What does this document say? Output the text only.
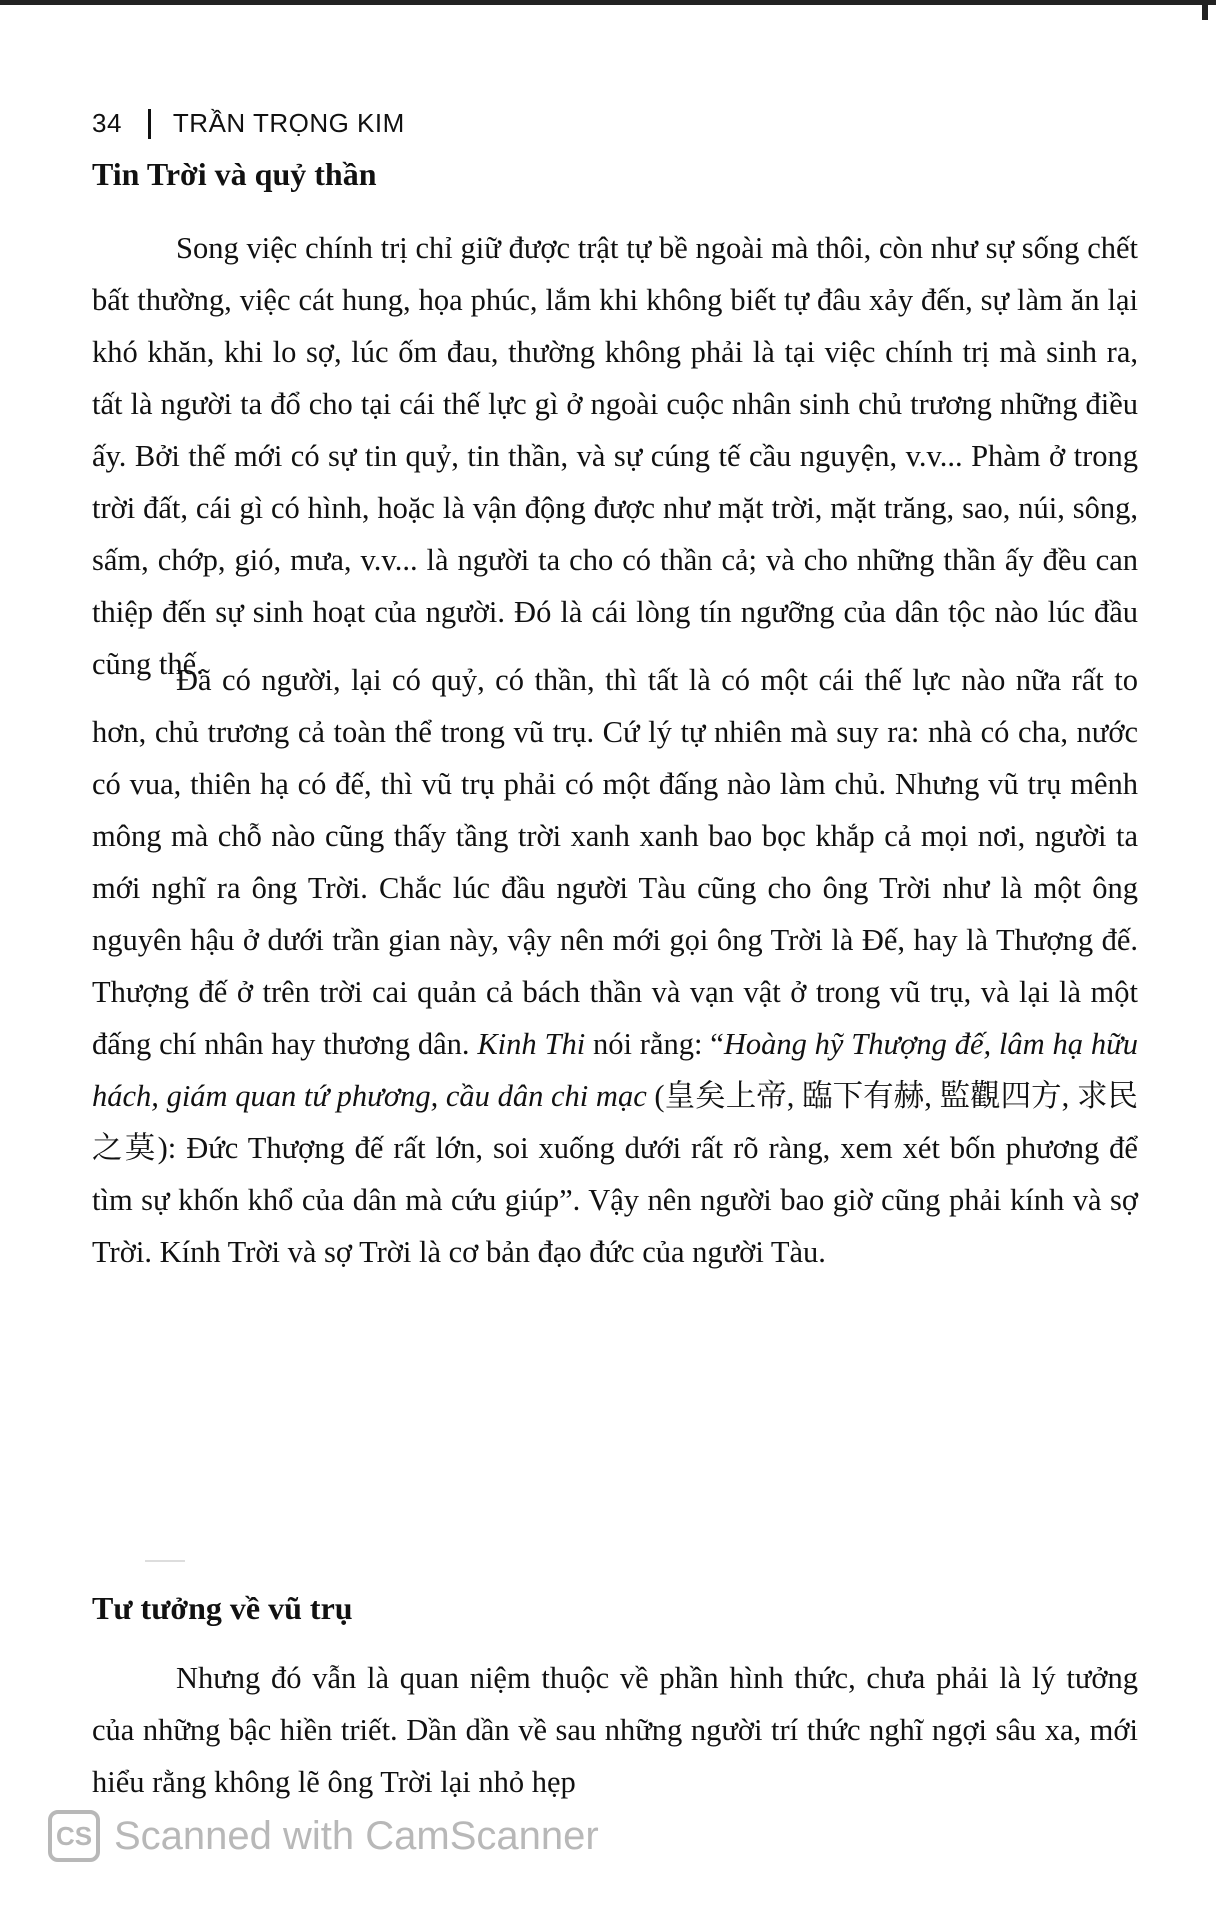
34 TRẦN TRỌNG KIM
Tin Trời và quỷ thần
Song việc chính trị chỉ giữ được trật tự bề ngoài mà thôi, còn như sự sống chết bất thường, việc cát hung, họa phúc, lắm khi không biết tự đâu xảy đến, sự làm ăn lại khó khăn, khi lo sợ, lúc ốm đau, thường không phải là tại việc chính trị mà sinh ra, tất là người ta đổ cho tại cái thế lực gì ở ngoài cuộc nhân sinh chủ trương những điều ấy. Bởi thế mới có sự tin quỷ, tin thần, và sự cúng tế cầu nguyện, v.v... Phàm ở trong trời đất, cái gì có hình, hoặc là vận động được như mặt trời, mặt trăng, sao, núi, sông, sấm, chớp, gió, mưa, v.v... là người ta cho có thần cả; và cho những thần ấy đều can thiệp đến sự sinh hoạt của người. Đó là cái lòng tín ngưỡng của dân tộc nào lúc đầu cũng thế.
Đã có người, lại có quỷ, có thần, thì tất là có một cái thế lực nào nữa rất to hơn, chủ trương cả toàn thể trong vũ trụ. Cứ lý tự nhiên mà suy ra: nhà có cha, nước có vua, thiên hạ có đế, thì vũ trụ phải có một đấng nào làm chủ. Nhưng vũ trụ mênh mông mà chỗ nào cũng thấy tầng trời xanh xanh bao bọc khắp cả mọi nơi, người ta mới nghĩ ra ông Trời. Chắc lúc đầu người Tàu cũng cho ông Trời như là một ông nguyên hậu ở dưới trần gian này, vậy nên mới gọi ông Trời là Đế, hay là Thượng đế. Thượng đế ở trên trời cai quản cả bách thần và vạn vật ở trong vũ trụ, và lại là một đấng chí nhân hay thương dân. Kinh Thi nói rằng: “Hoàng hỹ Thượng đế, lâm hạ hữu hách, giám quan tứ phương, cầu dân chi mạc (皇矣上帝, 臨下有赫, 監觀四方, 求民之莫): Đức Thượng đế rất lớn, soi xuống dưới rất rõ ràng, xem xét bốn phương để tìm sự khốn khổ của dân mà cứu giúp”. Vậy nên người bao giờ cũng phải kính và sợ Trời. Kính Trời và sợ Trời là cơ bản đạo đức của người Tàu.
Tư tưởng về vũ trụ
Nhưng đó vẫn là quan niệm thuộc về phần hình thức, chưa phải là lý tưởng của những bậc hiền triết. Dần dần về sau những người trí thức nghĩ ngợi sâu xa, mới hiểu rằng không lẽ ông Trời lại nhỏ hẹp
CS Scanned with CamScanner
